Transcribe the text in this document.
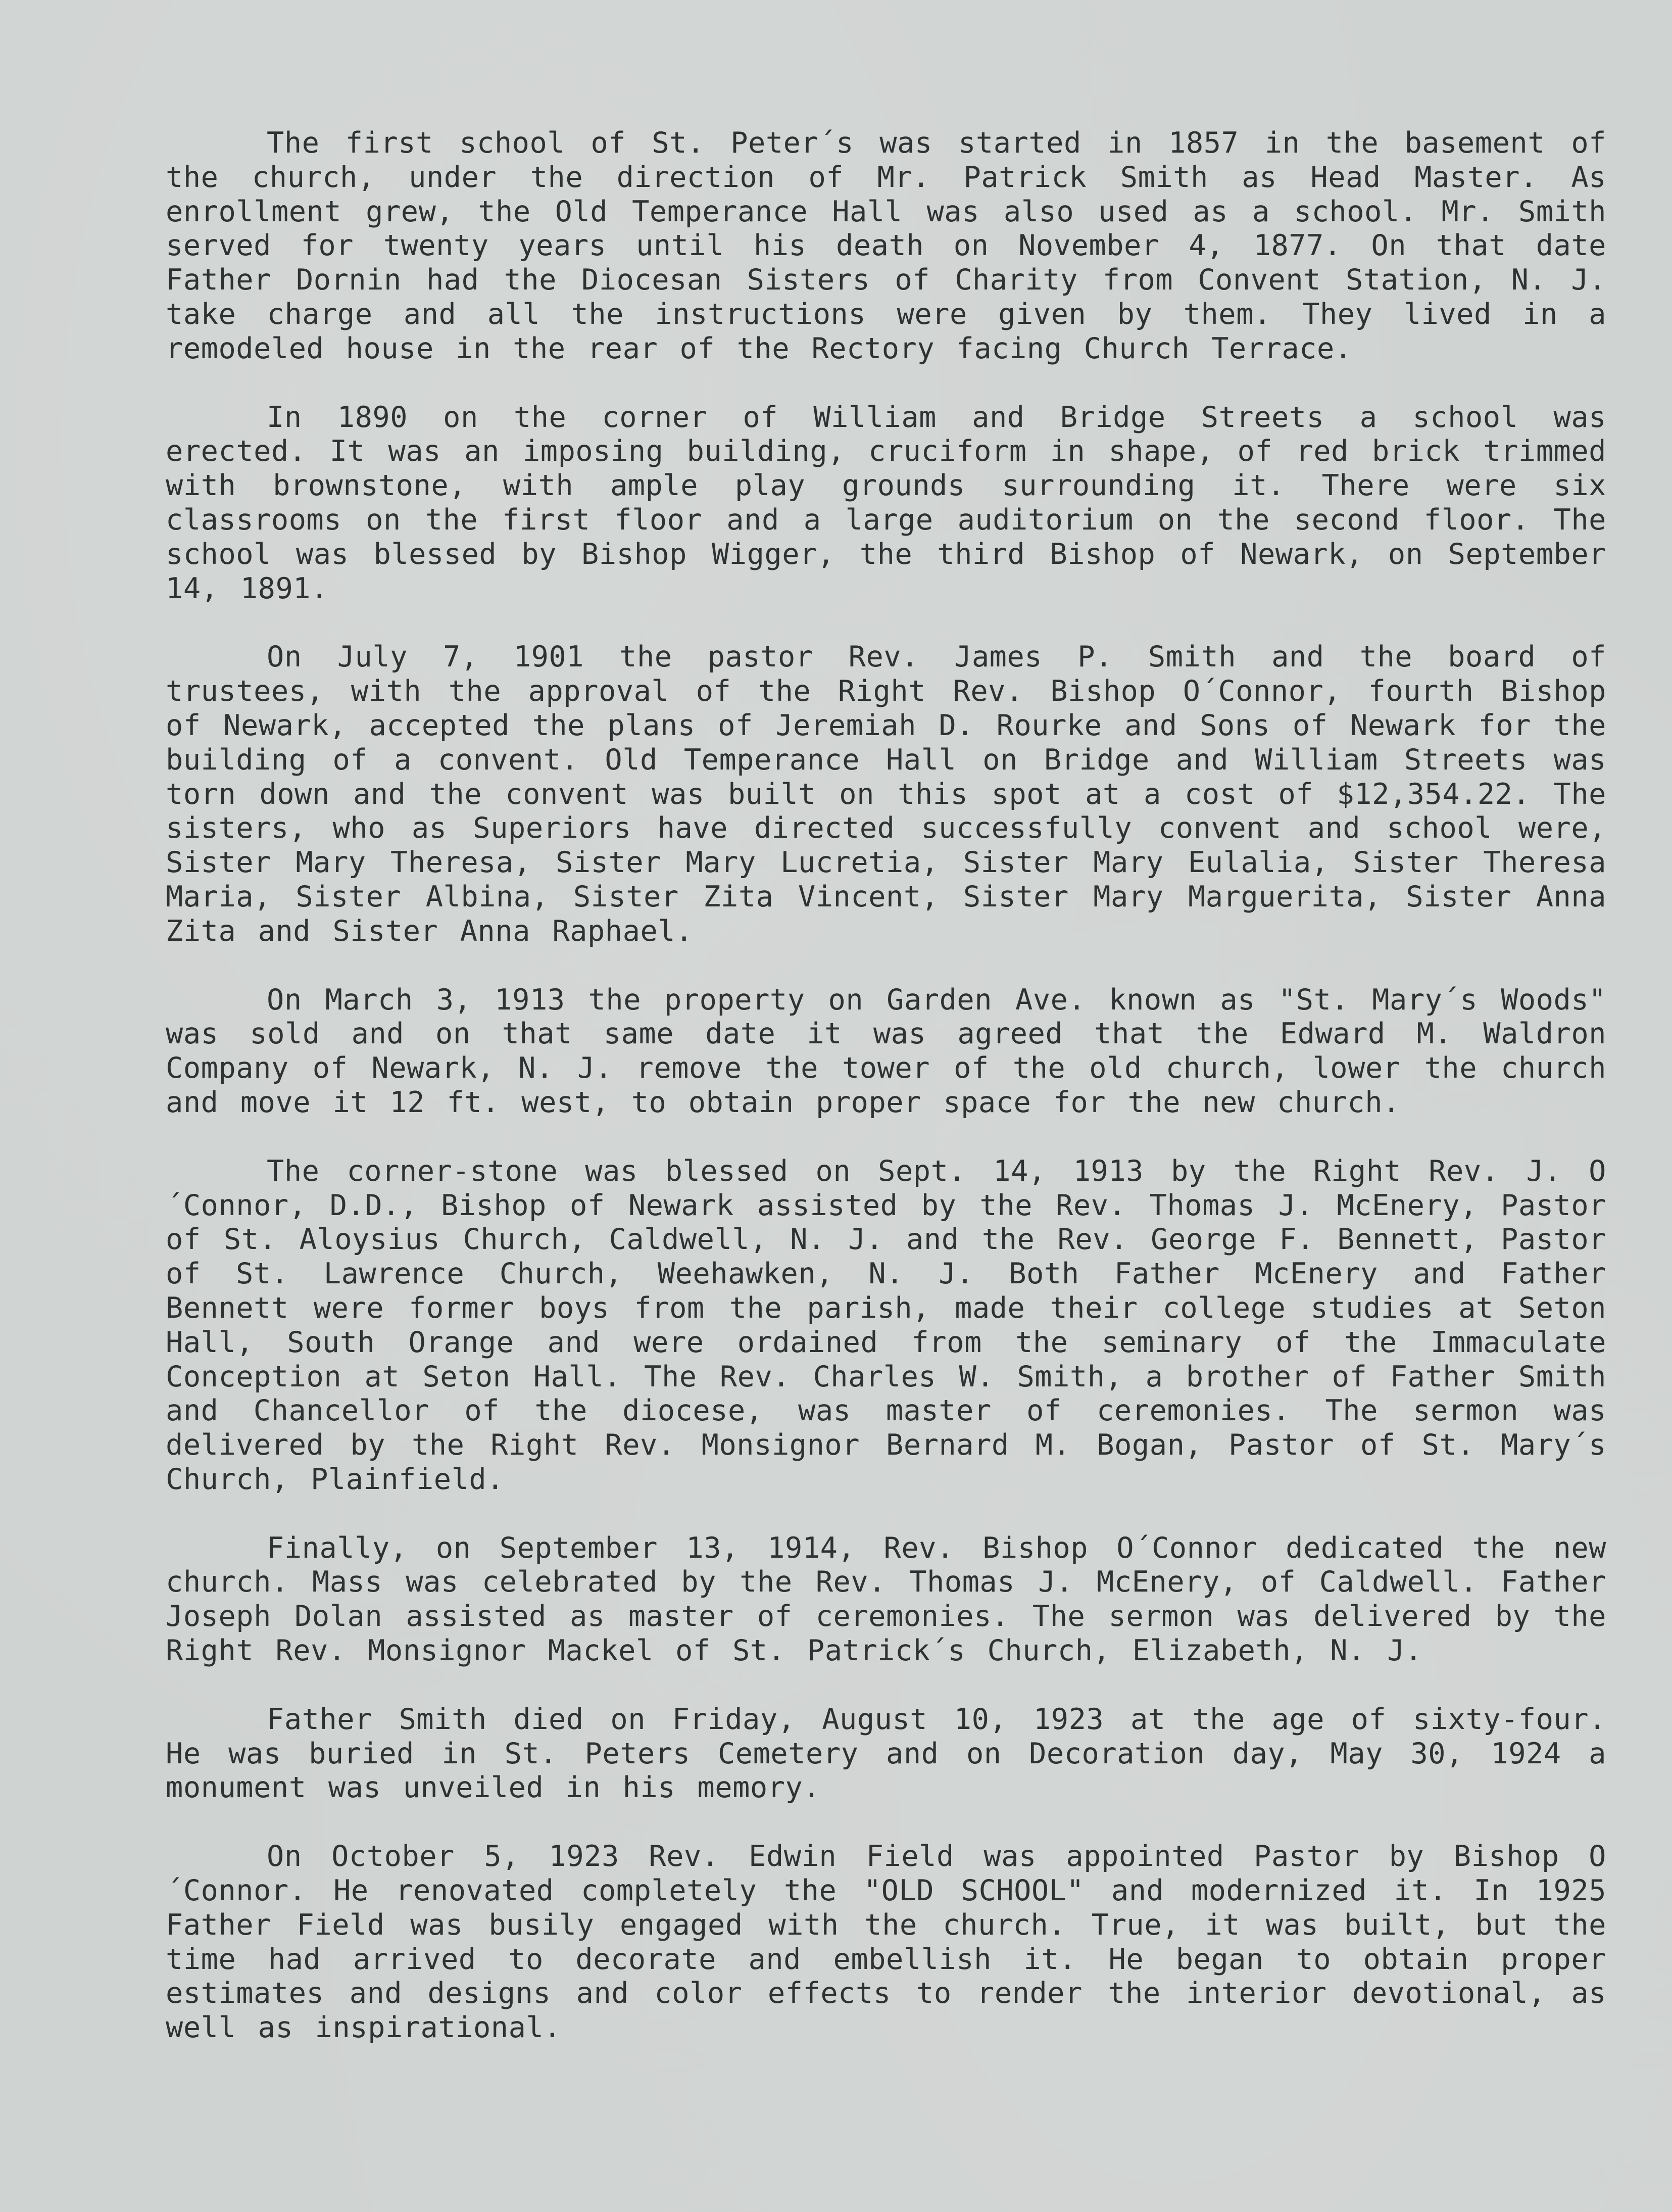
The first school of St. Peter´s was started in 1857 in the basement of the church, under the direction of Mr. Patrick Smith as Head Master. As enrollment grew, the Old Temperance Hall was also used as a school. Mr. Smith served for twenty years until his death on November 4, 1877. On that date Father Dornin had the Diocesan Sisters of Charity from Convent Station, N. J. take charge and all the instructions were given by them. They lived in a remodeled house in the rear of the Rectory facing Church Terrace.

In 1890 on the corner of William and Bridge Streets a school was erected. It was an imposing building, cruciform in shape, of red brick trimmed with brownstone, with ample play grounds surrounding it. There were six classrooms on the first floor and a large auditorium on the second floor. The school was blessed by Bishop Wigger, the third Bishop of Newark, on September 14, 1891.

On July 7, 1901 the pastor Rev. James P. Smith and the board of trustees, with the approval of the Right Rev. Bishop O´Connor, fourth Bishop of Newark, accepted the plans of Jeremiah D. Rourke and Sons of Newark for the building of a convent. Old Temperance Hall on Bridge and William Streets was torn down and the convent was built on this spot at a cost of $12,354.22. The sisters, who as Superiors have directed successfully convent and school were, Sister Mary Theresa, Sister Mary Lucretia, Sister Mary Eulalia, Sister Theresa Maria, Sister Albina, Sister Zita Vincent, Sister Mary Marguerita, Sister Anna Zita and Sister Anna Raphael.

On March 3, 1913 the property on Garden Ave. known as "St. Mary´s Woods" was sold and on that same date it was agreed that the Edward M. Waldron Company of Newark, N. J. remove the tower of the old church, lower the church and move it 12 ft. west, to obtain proper space for the new church.

The corner-stone was blessed on Sept. 14, 1913 by the Right Rev. J. O´Connor, D.D., Bishop of Newark assisted by the Rev. Thomas J. McEnery, Pastor of St. Aloysius Church, Caldwell, N. J. and the Rev. George F. Bennett, Pastor of St. Lawrence Church, Weehawken, N. J. Both Father McEnery and Father Bennett were former boys from the parish, made their college studies at Seton Hall, South Orange and were ordained from the seminary of the Immaculate Conception at Seton Hall. The Rev. Charles W. Smith, a brother of Father Smith and Chancellor of the diocese, was master of ceremonies. The sermon was delivered by the Right Rev. Monsignor Bernard M. Bogan, Pastor of St. Mary´s Church, Plainfield.

Finally, on September 13, 1914, Rev. Bishop O´Connor dedicated the new church. Mass was celebrated by the Rev. Thomas J. McEnery, of Caldwell. Father Joseph Dolan assisted as master of ceremonies. The sermon was delivered by the Right Rev. Monsignor Mackel of St. Patrick´s Church, Elizabeth, N. J.

Father Smith died on Friday, August 10, 1923 at the age of sixty-four. He was buried in St. Peters Cemetery and on Decoration day, May 30, 1924 a monument was unveiled in his memory.

On October 5, 1923 Rev. Edwin Field was appointed Pastor by Bishop O´Connor. He renovated completely the "OLD SCHOOL" and modernized it. In 1925 Father Field was busily engaged with the church. True, it was built, but the time had arrived to decorate and embellish it. He began to obtain proper estimates and designs and color effects to render the interior devotional, as well as inspirational.
